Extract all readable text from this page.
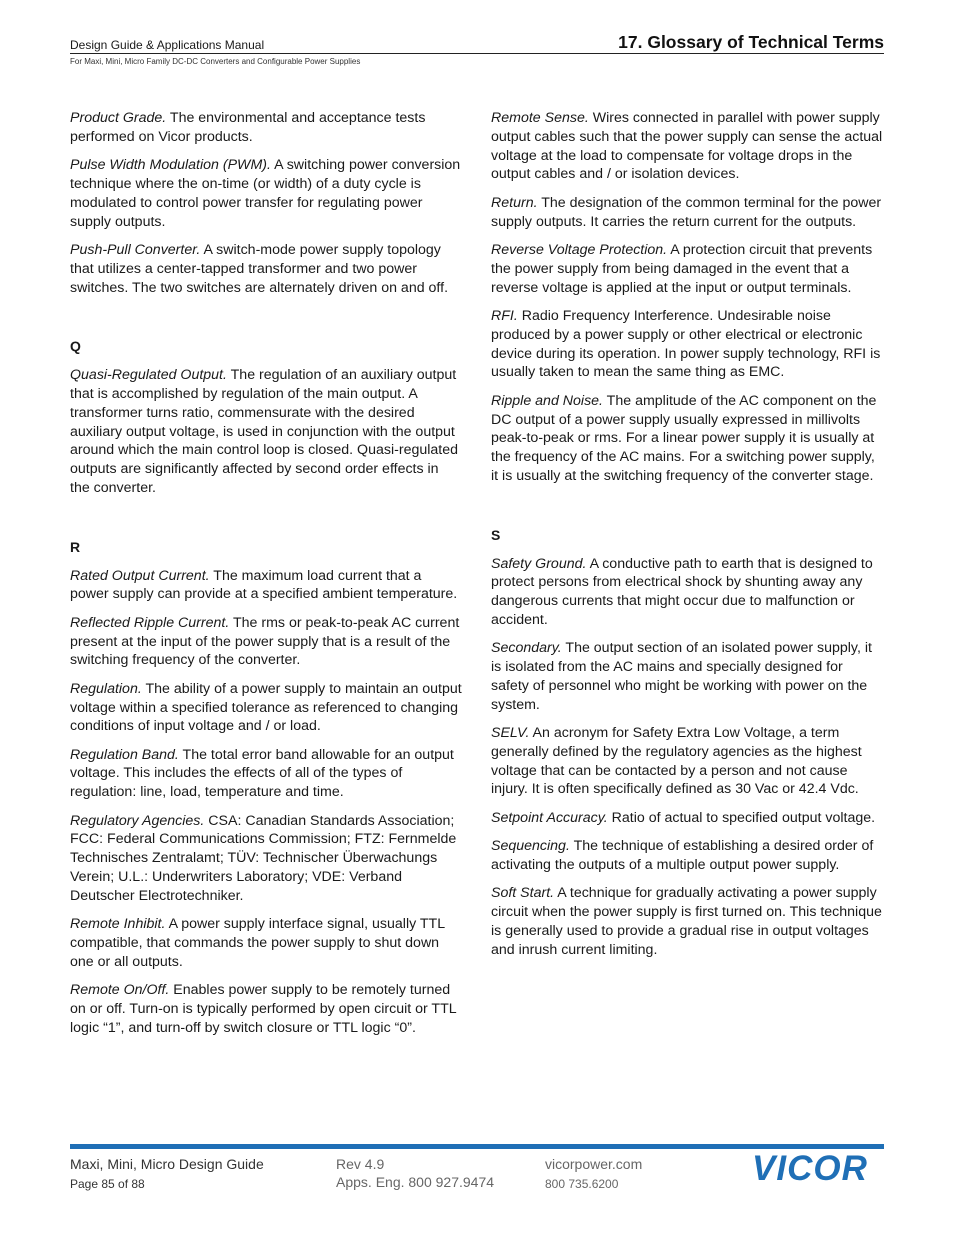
Design Guide & Applications Manual
For Maxi, Mini, Micro Family DC-DC Converters and Configurable Power Supplies
17. Glossary of Technical Terms

Product Grade. The environmental and acceptance tests performed on Vicor products.

Pulse Width Modulation (PWM). A switching power conversion technique where the on-time (or width) of a duty cycle is modulated to control power transfer for regulating power supply outputs.

Push-Pull Converter. A switch-mode power supply topology that utilizes a center-tapped transformer and two power switches. The two switches are alternately driven on and off.

Q

Quasi-Regulated Output. The regulation of an auxiliary output that is accomplished by regulation of the main output. A transformer turns ratio, commensurate with the desired auxiliary output voltage, is used in conjunction with the output around which the main control loop is closed. Quasi-regulated outputs are significantly affected by second order effects in the converter.

R

Rated Output Current. The maximum load current that a power supply can provide at a specified ambient temperature.

Reflected Ripple Current. The rms or peak-to-peak AC current present at the input of the power supply that is a result of the switching frequency of the converter.

Regulation. The ability of a power supply to maintain an output voltage within a specified tolerance as referenced to changing conditions of input voltage and / or load.

Regulation Band. The total error band allowable for an output voltage. This includes the effects of all of the types of regulation: line, load, temperature and time.

Regulatory Agencies. CSA: Canadian Standards Association; FCC: Federal Communications Commission; FTZ: Fernmelde Technisches Zentralamt; TÜV: Technischer Überwachungs Verein; U.L.: Underwriters Laboratory; VDE: Verband Deutscher Electrotechniker.

Remote Inhibit. A power supply interface signal, usually TTL compatible, that commands the power supply to shut down one or all outputs.

Remote On/Off. Enables power supply to be remotely turned on or off. Turn-on is typically performed by open circuit or TTL logic “1”, and turn-off by switch closure or TTL logic “0”.

Remote Sense. Wires connected in parallel with power supply output cables such that the power supply can sense the actual voltage at the load to compensate for voltage drops in the output cables and / or isolation devices.

Return. The designation of the common terminal for the power supply outputs. It carries the return current for the outputs.

Reverse Voltage Protection. A protection circuit that prevents the power supply from being damaged in the event that a reverse voltage is applied at the input or output terminals.

RFI. Radio Frequency Interference. Undesirable noise produced by a power supply or other electrical or electronic device during its operation. In power supply technology, RFI is usually taken to mean the same thing as EMC.

Ripple and Noise. The amplitude of the AC component on the DC output of a power supply usually expressed in millivolts peak-to-peak or rms. For a linear power supply it is usually at the frequency of the AC mains. For a switching power supply, it is usually at the switching frequency of the converter stage.

S

Safety Ground. A conductive path to earth that is designed to protect persons from electrical shock by shunting away any dangerous currents that might occur due to malfunction or accident.

Secondary. The output section of an isolated power supply, it is isolated from the AC mains and specially designed for safety of personnel who might be working with power on the system.

SELV. An acronym for Safety Extra Low Voltage, a term generally defined by the regulatory agencies as the highest voltage that can be contacted by a person and not cause injury. It is often specifically defined as 30 Vac or 42.4 Vdc.

Setpoint Accuracy. Ratio of actual to specified output voltage.

Sequencing. The technique of establishing a desired order of activating the outputs of a multiple output power supply.

Soft Start. A technique for gradually activating a power supply circuit when the power supply is first turned on. This technique is generally used to provide a gradual rise in output voltages and inrush current limiting.

Maxi, Mini, Micro Design Guide
Page 85 of 88
Rev 4.9
Apps. Eng. 800 927.9474
vicorpower.com
800 735.6200	VICOR
